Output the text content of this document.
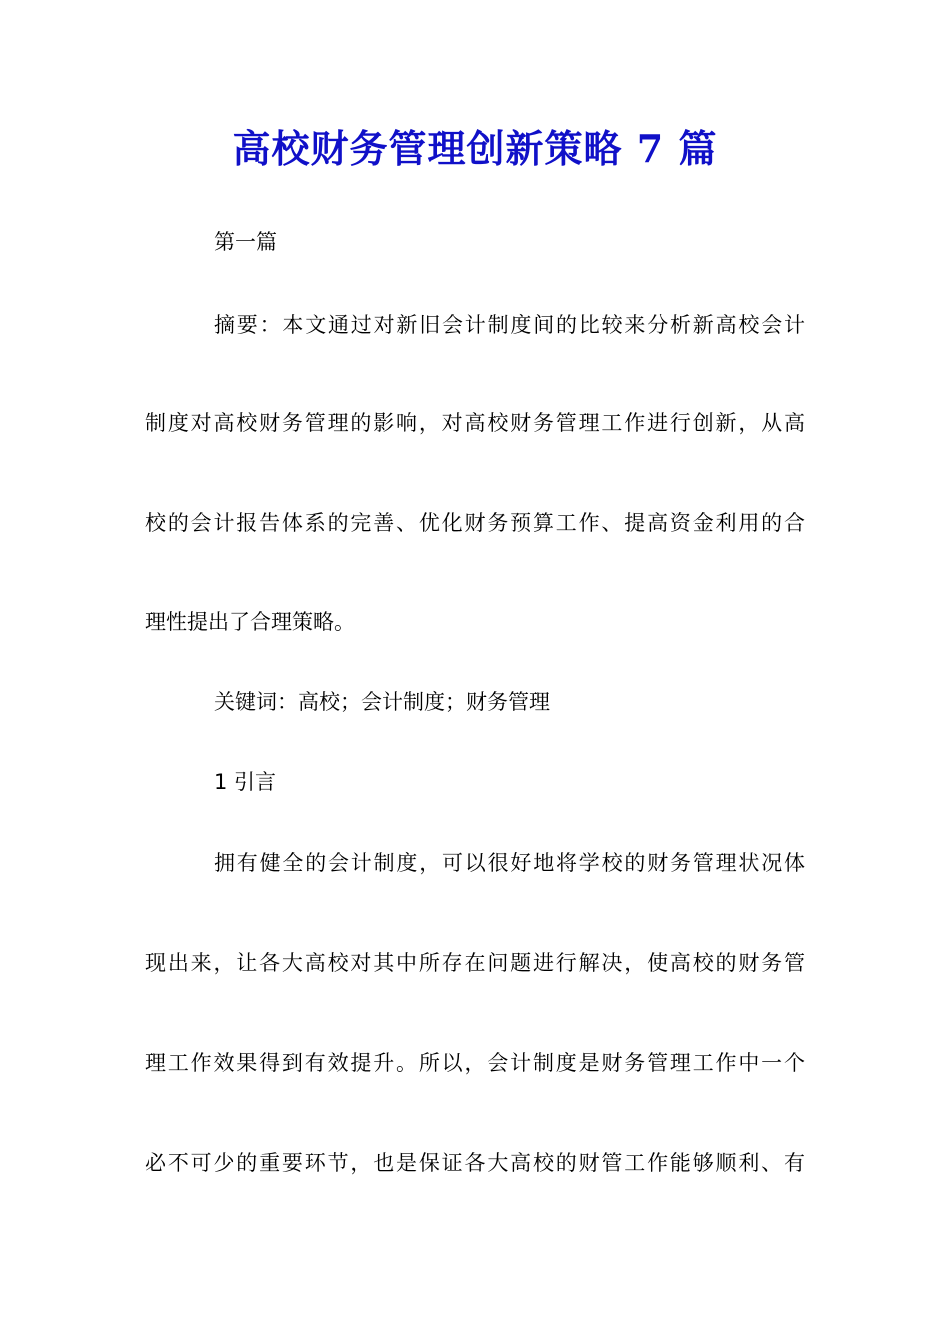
高校财务管理创新策略 7 篇
第一篇
摘要：本文通过对新旧会计制度间的比较来分析新高校会计
制度对高校财务管理的影响，对高校财务管理工作进行创新，从高
校的会计报告体系的完善、优化财务预算工作、提高资金利用的合
理性提出了合理策略。
关键词：高校；会计制度；财务管理
1 引言
拥有健全的会计制度，可以很好地将学校的财务管理状况体
现出来，让各大高校对其中所存在问题进行解决，使高校的财务管
理工作效果得到有效提升。所以，会计制度是财务管理工作中一个
必不可少的重要环节，也是保证各大高校的财管工作能够顺利、有
